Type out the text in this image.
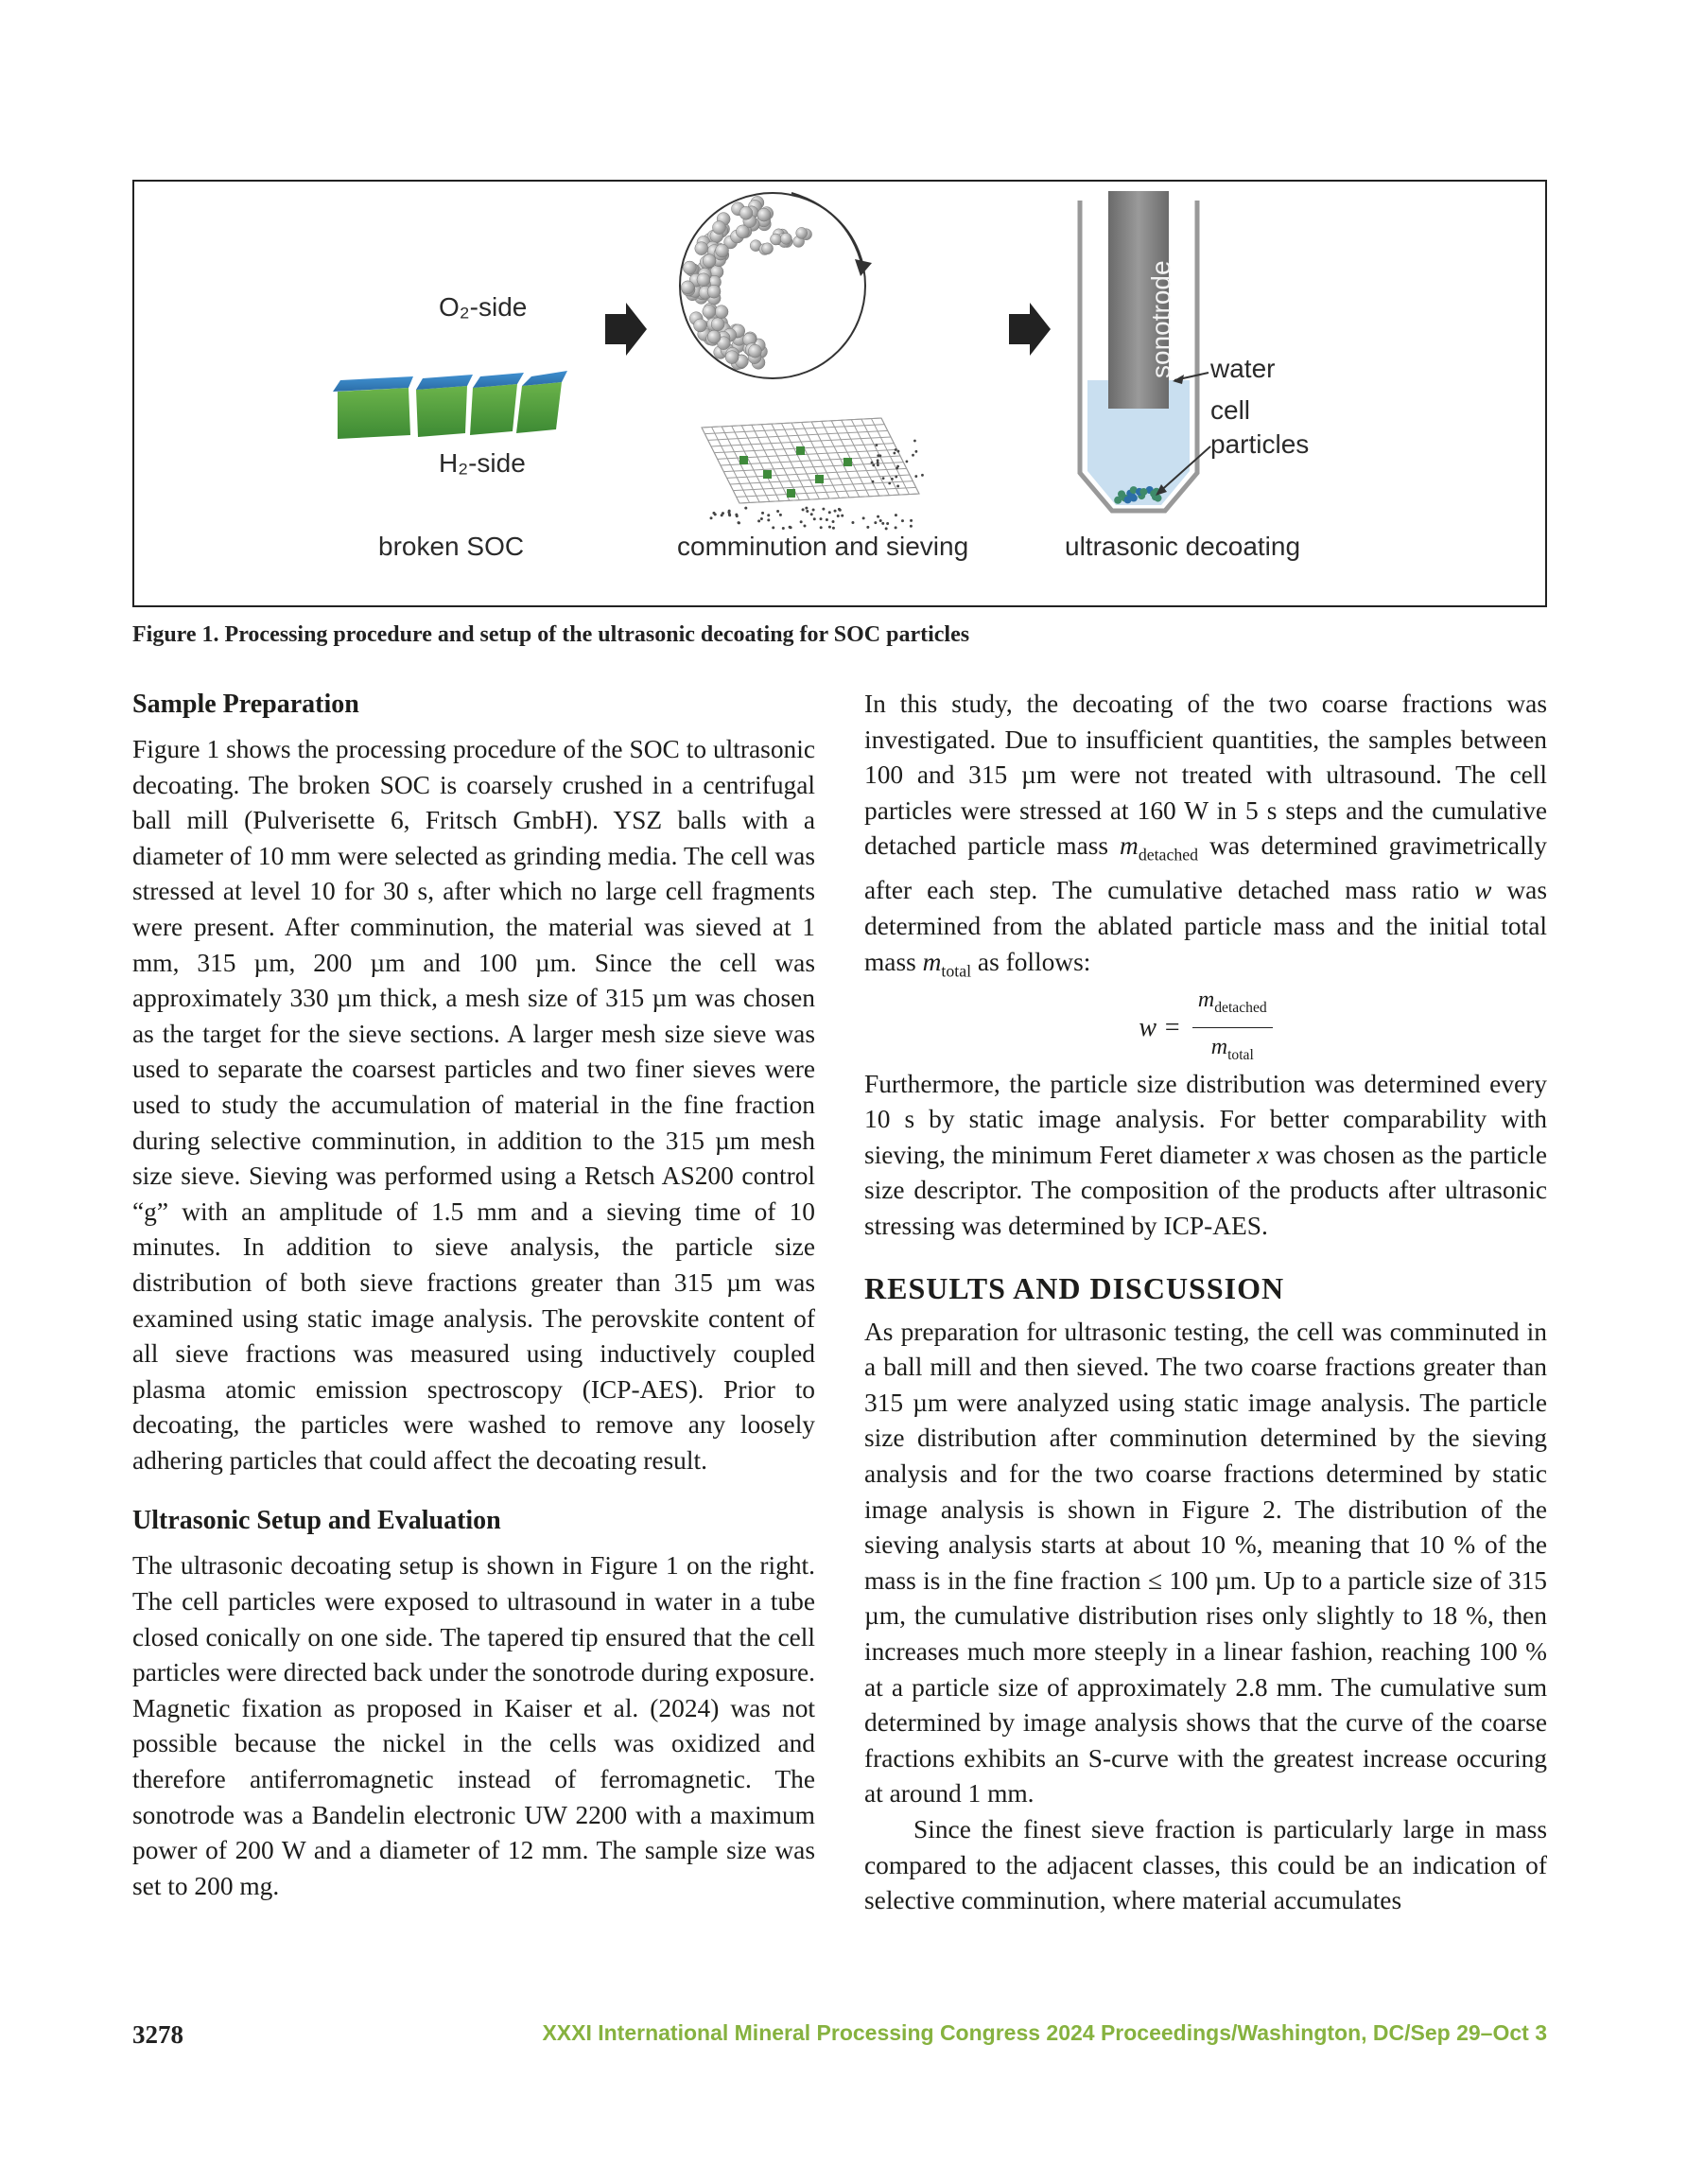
O₂-side
H₂-side
broken SOC	comminution and sieving	ultrasonic decoating
sonotrode water
cell
particles
Figure 1. Processing procedure and setup of the ultrasonic decoating for SOC particles
Sample Preparation

Figure 1 shows the processing procedure of the SOC to ultrasonic decoating. The broken SOC is coarsely crushed in a centrifugal ball mill (Pulverisette 6, Fritsch GmbH). YSZ balls with a diameter of 10 mm were selected as grinding media. The cell was stressed at level 10 for 30 s, after which no large cell fragments were present. After comminution, the material was sieved at 1 mm, 315 µm, 200 µm and 100 µm. Since the cell was approximately 330 µm thick, a mesh size of 315 µm was chosen as the target for the sieve sections. A larger mesh size sieve was used to separate the coarsest particles and two finer sieves were used to study the accumulation of material in the fine fraction during selective comminution, in addition to the 315 µm mesh size sieve. Sieving was performed using a Retsch AS200 control “g” with an amplitude of 1.5 mm and a sieving time of 10 minutes. In addition to sieve analysis, the particle size distribution of both sieve fractions greater than 315 µm was examined using static image analysis. The perovskite content of all sieve fractions was measured using inductively coupled plasma atomic emission spectroscopy (ICP-AES). Prior to decoating, the particles were washed to remove any loosely adhering particles that could affect the decoating result.

Ultrasonic Setup and Evaluation

The ultrasonic decoating setup is shown in Figure 1 on the right. The cell particles were exposed to ultrasound in water in a tube closed conically on one side. The tapered tip ensured that the cell particles were directed back under the sonotrode during exposure. Magnetic fixation as proposed in Kaiser et al. (2024) was not possible because the nickel in the cells was oxidized and therefore antiferromagnetic instead of ferromagnetic. The sonotrode was a Bandelin electronic UW 2200 with a maximum power of 200 W and a diameter of 12 mm. The sample size was set to 200 mg.

In this study, the decoating of the two coarse fractions was investigated. Due to insufficient quantities, the samples between 100 and 315 µm were not treated with ultrasound. The cell particles were stressed at 160 W in 5 s steps and the cumulative detached particle mass $m_{detached}$ was determined gravimetrically after each step. The cumulative detached mass ratio w was determined from the ablated particle mass and the initial total mass $m_{total}$ as follows:

$w = \frac{m_{detached}}{m_{total}}$

Furthermore, the particle size distribution was determined every 10 s by static image analysis. For better comparability with sieving, the minimum Feret diameter x was chosen as the particle size descriptor. The composition of the products after ultrasonic stressing was determined by ICP-AES.

RESULTS AND DISCUSSION

As preparation for ultrasonic testing, the cell was comminuted in a ball mill and then sieved. The two coarse fractions greater than 315 µm were analyzed using static image analysis. The particle size distribution after comminution determined by the sieving analysis and for the two coarse fractions determined by static image analysis is shown in Figure 2. The distribution of the sieving analysis starts at about 10 %, meaning that 10 % of the mass is in the fine fraction ≤ 100 µm. Up to a particle size of 315 µm, the cumulative distribution rises only slightly to 18 %, then increases much more steeply in a linear fashion, reaching 100 % at a particle size of approximately 2.8 mm. The cumulative sum determined by image analysis shows that the curve of the coarse fractions exhibits an S-curve with the greatest increase occuring at around 1 mm.

Since the finest sieve fraction is particularly large in mass compared to the adjacent classes, this could be an indication of selective comminution, where material accumulates

3278	XXXI International Mineral Processing Congress 2024 Proceedings/Washington, DC/Sep 29–Oct 3
